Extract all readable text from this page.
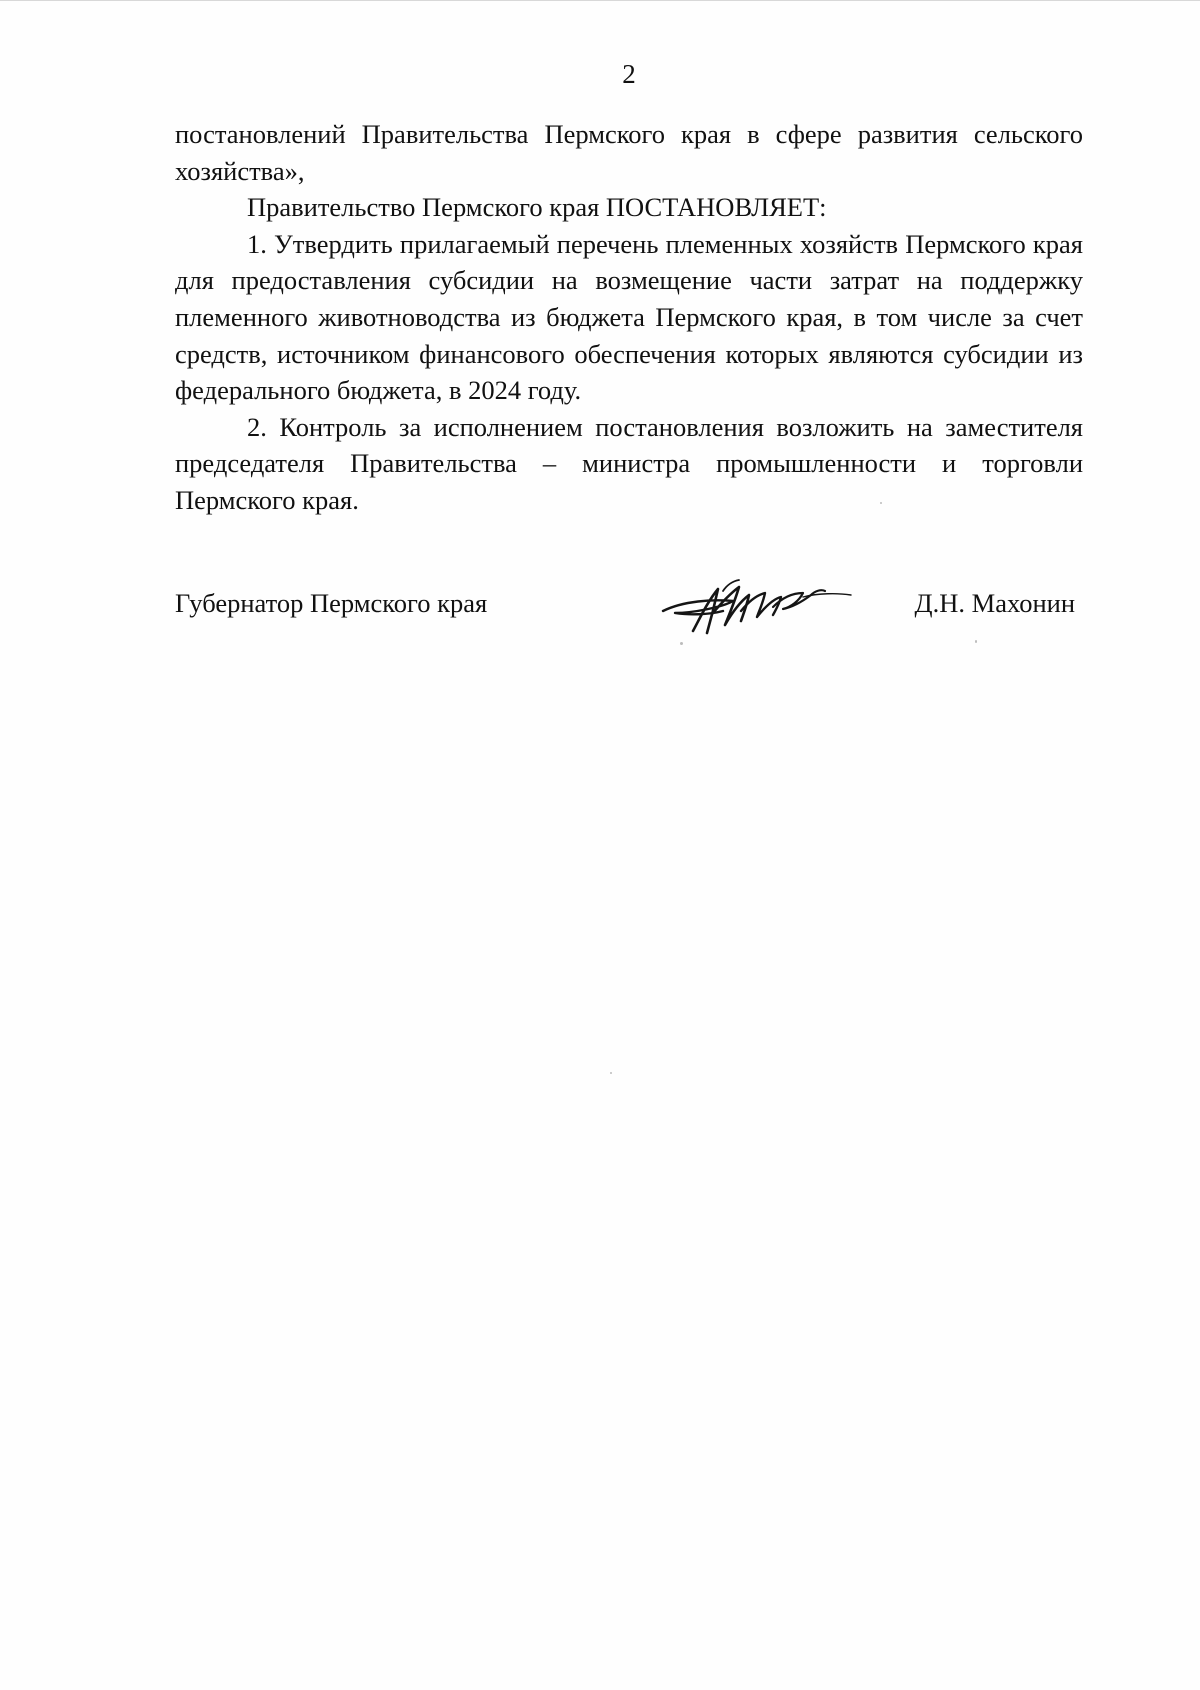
2

постановлений Правительства Пермского края в сфере развития сельского хозяйства»,

Правительство Пермского края ПОСТАНОВЛЯЕТ:

1. Утвердить прилагаемый перечень племенных хозяйств Пермского края для предоставления субсидии на возмещение части затрат на поддержку племенного животноводства из бюджета Пермского края, в том числе за счет средств, источником финансового обеспечения которых являются субсидии из федерального бюджета, в 2024 году.

2. Контроль за исполнением постановления возложить на заместителя председателя Правительства – министра промышленности и торговли Пермского края.

Губернатор Пермского края	Д.Н. Махонин
